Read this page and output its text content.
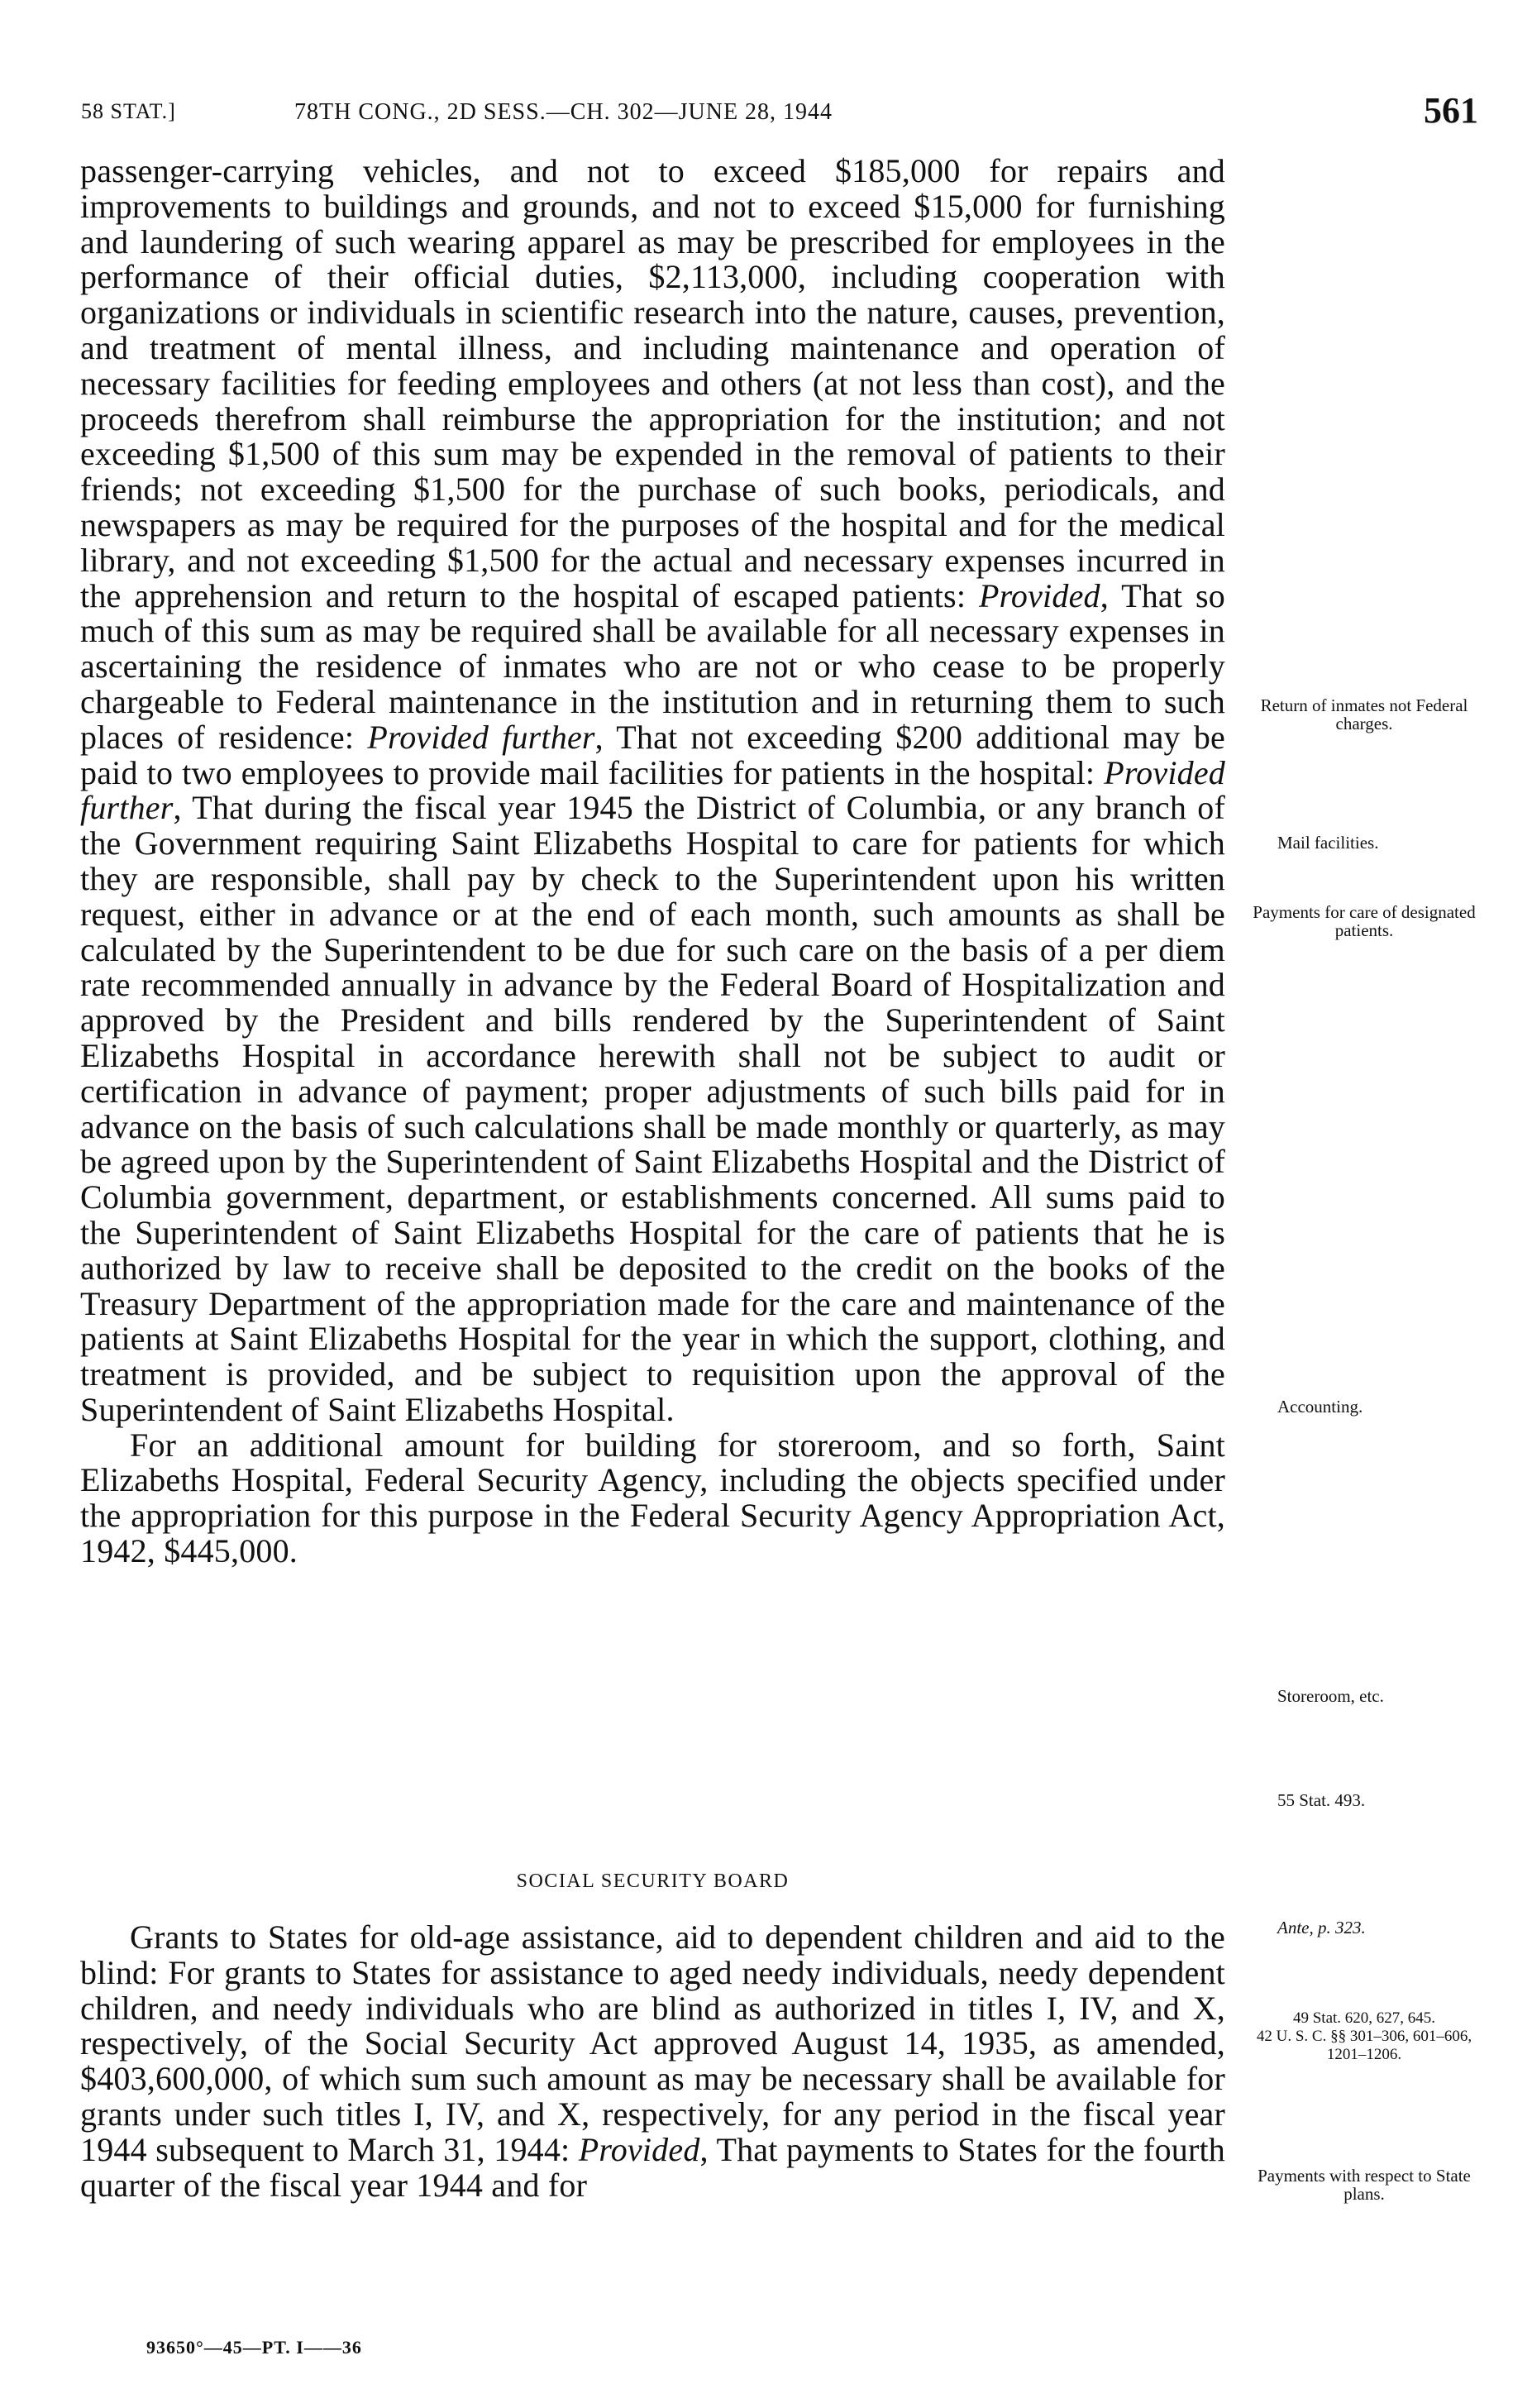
58 STAT.]	78TH CONG., 2D SESS.—CH. 302—JUNE 28, 1944	561

passenger-carrying vehicles, and not to exceed $185,000 for repairs and improvements to buildings and grounds, and not to exceed $15,000 for furnishing and laundering of such wearing apparel as may be prescribed for employees in the performance of their official duties, $2,113,000, including cooperation with organizations or individuals in scientific research into the nature, causes, prevention, and treatment of mental illness, and including maintenance and operation of necessary facilities for feeding employees and others (at not less than cost), and the proceeds therefrom shall reimburse the appropriation for the institution; and not exceeding $1,500 of this sum may be expended in the removal of patients to their friends; not exceeding $1,500 for the purchase of such books, periodicals, and newspapers as may be required for the purposes of the hospital and for the medical library, and not exceeding $1,500 for the actual and necessary expenses incurred in the apprehension and return to the hospital of escaped patients: Provided, That so much of this sum as may be required shall be available for all necessary expenses in ascertaining the residence of inmates who are not or who cease to be properly chargeable to Federal maintenance in the institution and in returning them to such places of residence: Provided further, That not exceeding $200 additional may be paid to two employees to provide mail facilities for patients in the hospital: Provided further, That during the fiscal year 1945 the District of Columbia, or any branch of the Government requiring Saint Elizabeths Hospital to care for patients for which they are responsible, shall pay by check to the Superintendent upon his written request, either in advance or at the end of each month, such amounts as shall be calculated by the Superintendent to be due for such care on the basis of a per diem rate recommended annually in advance by the Federal Board of Hospitalization and approved by the President and bills rendered by the Superintendent of Saint Elizabeths Hospital in accordance herewith shall not be subject to audit or certification in advance of payment; proper adjustments of such bills paid for in advance on the basis of such calculations shall be made monthly or quarterly, as may be agreed upon by the Superintendent of Saint Elizabeths Hospital and the District of Columbia government, department, or establishments concerned. All sums paid to the Superintendent of Saint Elizabeths Hospital for the care of patients that he is authorized by law to receive shall be deposited to the credit on the books of the Treasury Department of the appropriation made for the care and maintenance of the patients at Saint Elizabeths Hospital for the year in which the support, clothing, and treatment is provided, and be subject to requisition upon the approval of the Superintendent of Saint Elizabeths Hospital.

For an additional amount for building for storeroom, and so forth, Saint Elizabeths Hospital, Federal Security Agency, including the objects specified under the appropriation for this purpose in the Federal Security Agency Appropriation Act, 1942, $445,000.

SOCIAL SECURITY BOARD

Grants to States for old-age assistance, aid to dependent children and aid to the blind: For grants to States for assistance to aged needy individuals, needy dependent children, and needy individuals who are blind as authorized in titles I, IV, and X, respectively, of the Social Security Act approved August 14, 1935, as amended, $403,600,000, of which sum such amount as may be necessary shall be available for grants under such titles I, IV, and X, respectively, for any period in the fiscal year 1944 subsequent to March 31, 1944: Provided, That payments to States for the fourth quarter of the fiscal year 1944 and for

Return of inmates not Federal charges.
Mail facilities.
Payments for care of designated patients.
Accounting.
Storeroom, etc.
55 Stat. 493.
Ante, p. 323.
49 Stat. 620, 627, 645.
42 U. S. C. §§ 301–306, 601–606, 1201–1206.
Payments with respect to State plans.
93650°—45—PT. I——36
